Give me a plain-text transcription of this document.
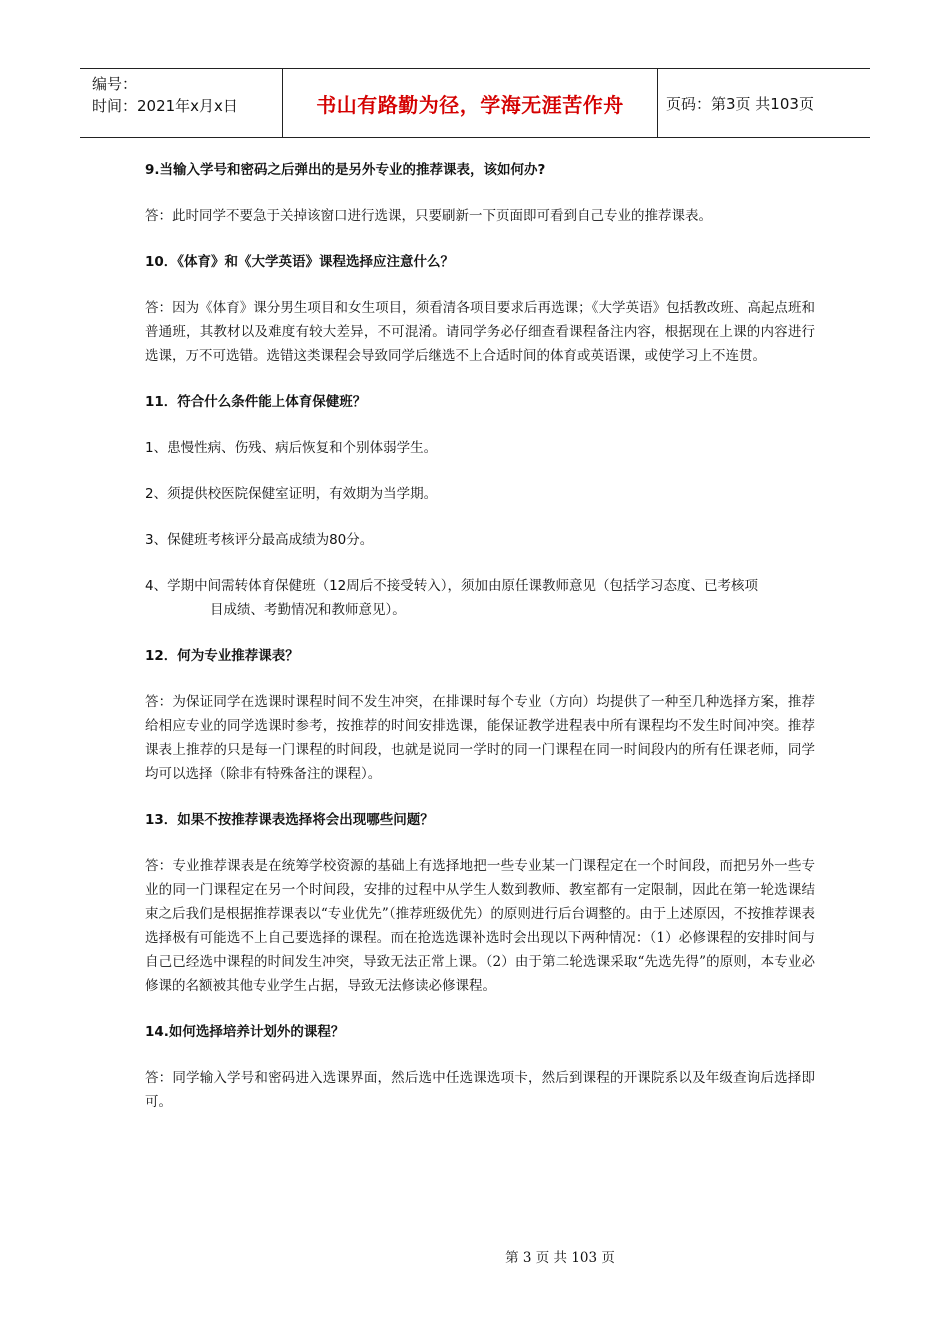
编号：
时间：2021年x月x日	书山有路勤为径，学海无涯苦作舟	页码：第3页 共103页
9.当输入学号和密码之后弹出的是另外专业的推荐课表，该如何办?
答：此时同学不要急于关掉该窗口进行选课，只要刷新一下页面即可看到自己专业的推荐课表。
10．《体育》和《大学英语》课程选择应注意什么？
答：因为《体育》课分男生项目和女生项目，须看清各项目要求后再选课；《大学英语》包括教改班、高起点班和普通班，其教材以及难度有较大差异，不可混淆。请同学务必仔细查看课程备注内容，根据现在上课的内容进行选课，万不可选错。选错这类课程会导致同学后继选不上合适时间的体育或英语课，或使学习上不连贯。
11．符合什么条件能上体育保健班？
1、患慢性病、伤残、病后恢复和个别体弱学生。
2、须提供校医院保健室证明，有效期为当学期。
3、保健班考核评分最高成绩为80分。
4、学期中间需转体育保健班（12周后不接受转入），须加由原任课教师意见（包括学习态度、已考核项
目成绩、考勤情况和教师意见）。
12．何为专业推荐课表？
答：为保证同学在选课时课程时间不发生冲突，在排课时每个专业（方向）均提供了一种至几种选择方案，推荐给相应专业的同学选课时参考，按推荐的时间安排选课，能保证教学进程表中所有课程均不发生时间冲突。推荐课表上推荐的只是每一门课程的时间段，也就是说同一学时的同一门课程在同一时间段内的所有任课老师，同学均可以选择（除非有特殊备注的课程）。
13．如果不按推荐课表选择将会出现哪些问题？
答：专业推荐课表是在统筹学校资源的基础上有选择地把一些专业某一门课程定在一个时间段，而把另外一些专业的同一门课程定在另一个时间段，安排的过程中从学生人数到教师、教室都有一定限制，因此在第一轮选课结束之后我们是根据推荐课表以“专业优先”（推荐班级优先）的原则进行后台调整的。由于上述原因，不按推荐课表选择极有可能选不上自己要选择的课程。而在抢选选课补选时会出现以下两种情况：（1）必修课程的安排时间与自己已经选中课程的时间发生冲突，导致无法正常上课。（2）由于第二轮选课采取“先选先得”的原则，本专业必修课的名额被其他专业学生占据，导致无法修读必修课程。
14.如何选择培养计划外的课程？
答：同学输入学号和密码进入选课界面，然后选中任选课选项卡，然后到课程的开课院系以及年级查询后选择即可。
第 3 页 共 103 页
